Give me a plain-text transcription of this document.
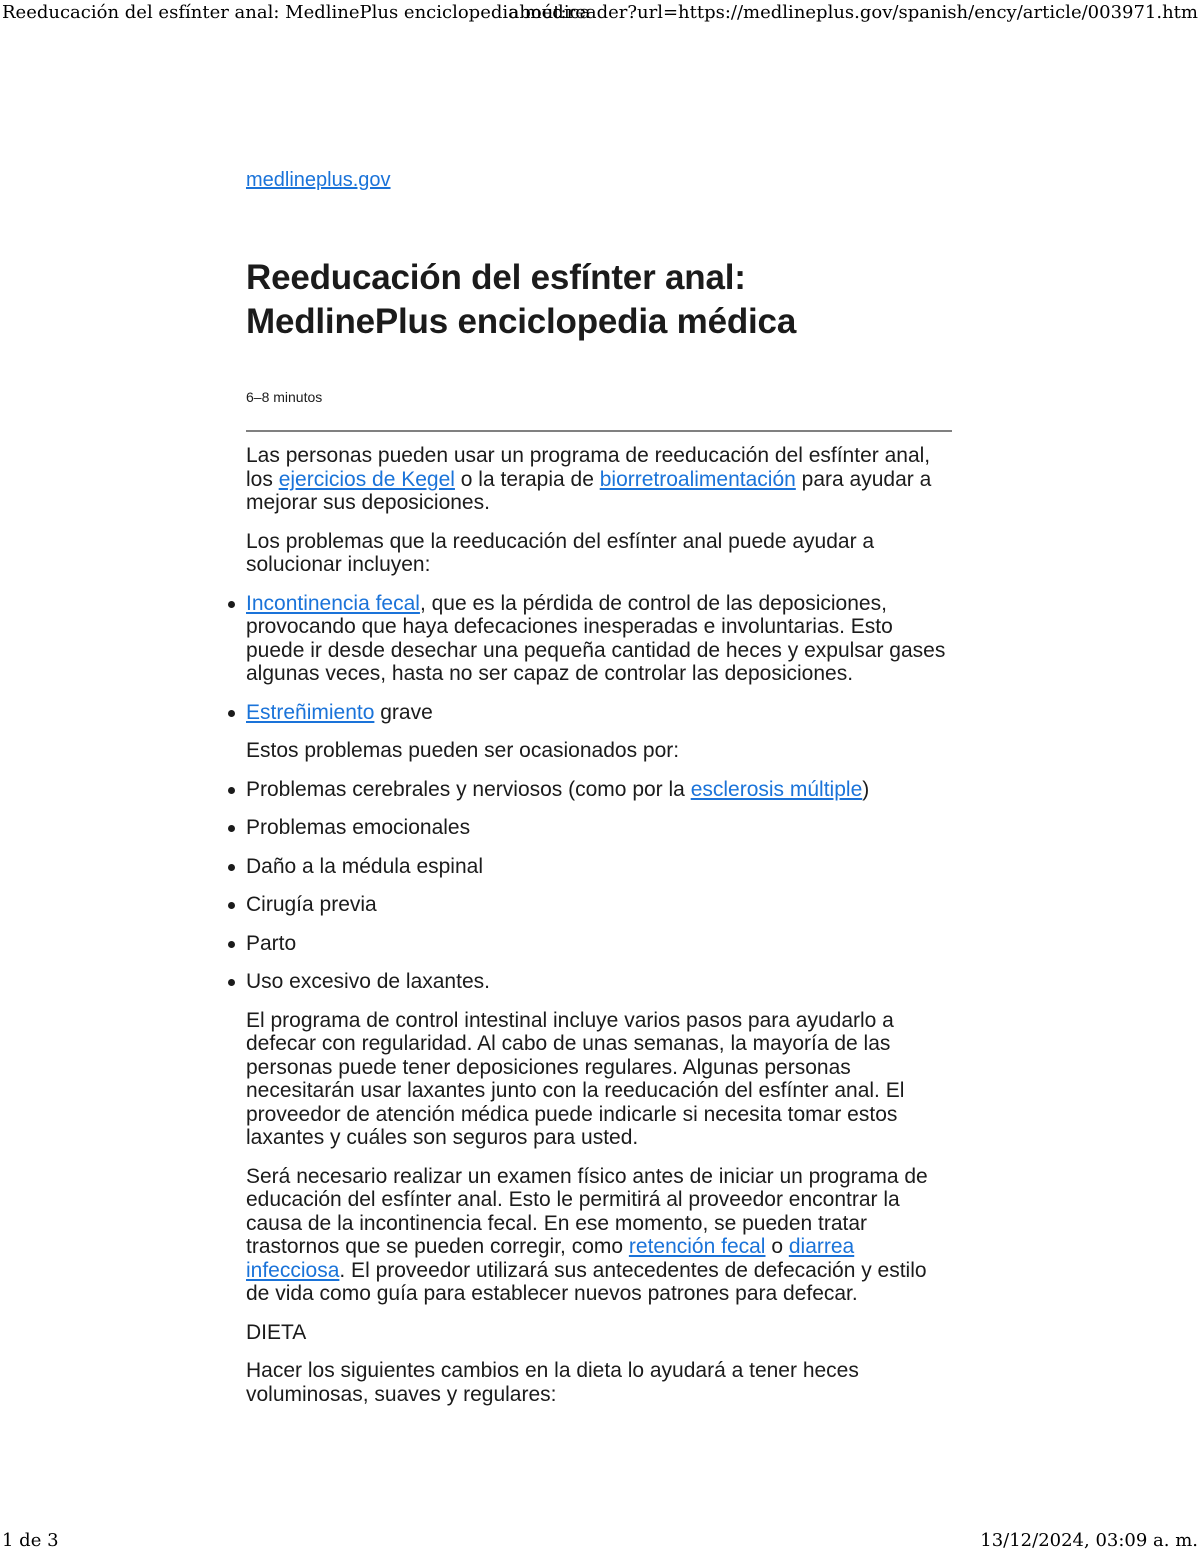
Reeducación del esfínter anal: MedlinePlus enciclopedia médica
about:reader?url=https://medlineplus.gov/spanish/ency/article/003971.htm
medlineplus.gov
Reeducación del esfínter anal:
MedlinePlus enciclopedia médica
6–8 minutos

Las personas pueden usar un programa de reeducación del esfínter anal, los ejercicios de Kegel o la terapia de biorretroalimentación para ayudar a mejorar sus deposiciones.

Los problemas que la reeducación del esfínter anal puede ayudar a solucionar incluyen:

Incontinencia fecal, que es la pérdida de control de las deposiciones, provocando que haya defecaciones inesperadas e involuntarias. Esto puede ir desde desechar una pequeña cantidad de heces y expulsar gases algunas veces, hasta no ser capaz de controlar las deposiciones.
Estreñimiento grave

Estos problemas pueden ser ocasionados por:

Problemas cerebrales y nerviosos (como por la esclerosis múltiple)
Problemas emocionales
Daño a la médula espinal
Cirugía previa
Parto
Uso excesivo de laxantes.

El programa de control intestinal incluye varios pasos para ayudarlo a defecar con regularidad. Al cabo de unas semanas, la mayoría de las personas puede tener deposiciones regulares. Algunas personas necesitarán usar laxantes junto con la reeducación del esfínter anal. El proveedor de atención médica puede indicarle si necesita tomar estos laxantes y cuáles son seguros para usted.

Será necesario realizar un examen físico antes de iniciar un programa de educación del esfínter anal. Esto le permitirá al proveedor encontrar la causa de la incontinencia fecal. En ese momento, se pueden tratar trastornos que se pueden corregir, como retención fecal o diarrea infecciosa. El proveedor utilizará sus antecedentes de defecación y estilo de vida como guía para establecer nuevos patrones para defecar.

DIETA

Hacer los siguientes cambios en la dieta lo ayudará a tener heces voluminosas, suaves y regulares:

1 de 3	13/12/2024, 03:09 a. m.
